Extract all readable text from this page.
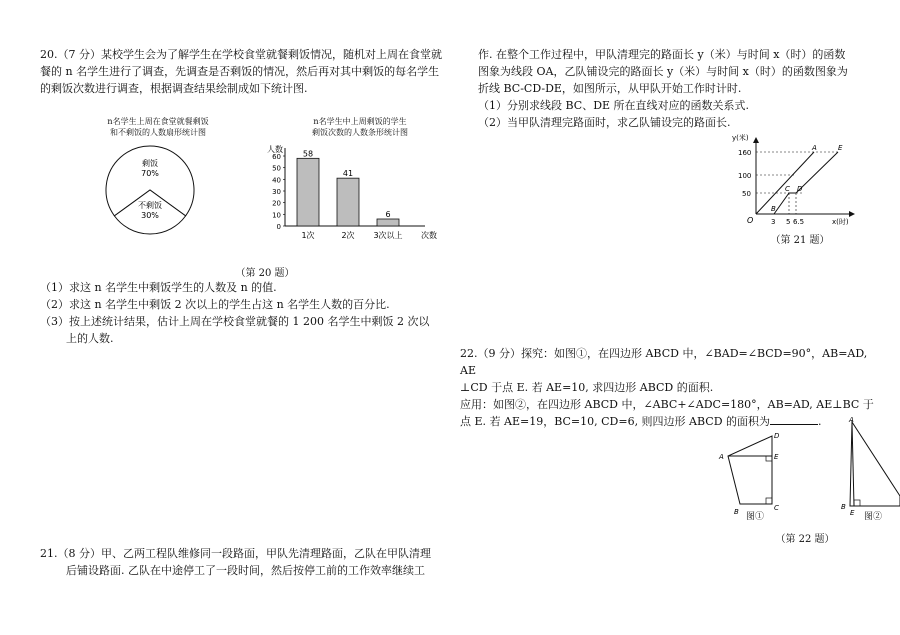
20.（7 分）某校学生会为了解学生在学校食堂就餐剩饭情况，随机对上周在食堂就餐的 n 名学生进行了调查，先调查是否剩饭的情况，然后再对其中剩饭的每名学生的剩饭次数进行调查，根据调查结果绘制成如下统计图.

n名学生上周在食堂就餐剩饭
和不剩饭的人数扇形统计图
剩饭
70%
不剩饭
30%
n名学生中上周剩饭的学生
剩饭次数的人数条形统计图
0
10
20
30
40
50
60
人数
次数
58
1次
41
2次
6
3次以上
（第 20 题）

（1）求这 n 名学生中剩饭学生的人数及 n 的值.

（2）求这 n 名学生中剩饭 2 次以上的学生占这 n 名学生人数的百分比.

（3）按上述统计结果，估计上周在学校食堂就餐的 1 200 名学生中剩饭 2 次以

上的人数.

21.（8 分）甲、乙两工程队维修同一段路面，甲队先清理路面，乙队在甲队清理

后铺设路面. 乙队在中途停工了一段时间，然后按停工前的工作效率继续工

作. 在整个工作过程中，甲队清理完的路面长 y（米）与时间 x（时）的函数

图象为线段 OA，乙队铺设完的路面长 y（米）与时间 x（时）的函数图象为

折线 BC-CD-DE，如图所示，从甲队开始工作时计时.

（1）分别求线段 BC、DE 所在直线对应的函数关系式.

（2）当甲队清理完路面时，求乙队铺设完的路面长.

160
100
50
3 5 6.5	x(时)
y(米)
O
A	E
B
C D
（第 21 题）

22.（9 分）探究：如图①，在四边形 ABCD 中，∠BAD=∠BCD=90°，AB=AD, AE

⊥CD 于点 E. 若 AE=10, 求四边形 ABCD 的面积.

应用：如图②，在四边形 ABCD 中，∠ABC+∠ADC=180°，AB=AD, AE⊥BC 于

点 E. 若 AE=19，BC=10, CD=6, 则四边形 ABCD 的面积为	.

A
B	C
D
E
图①
A
B
E	图②
（第 22 题）
